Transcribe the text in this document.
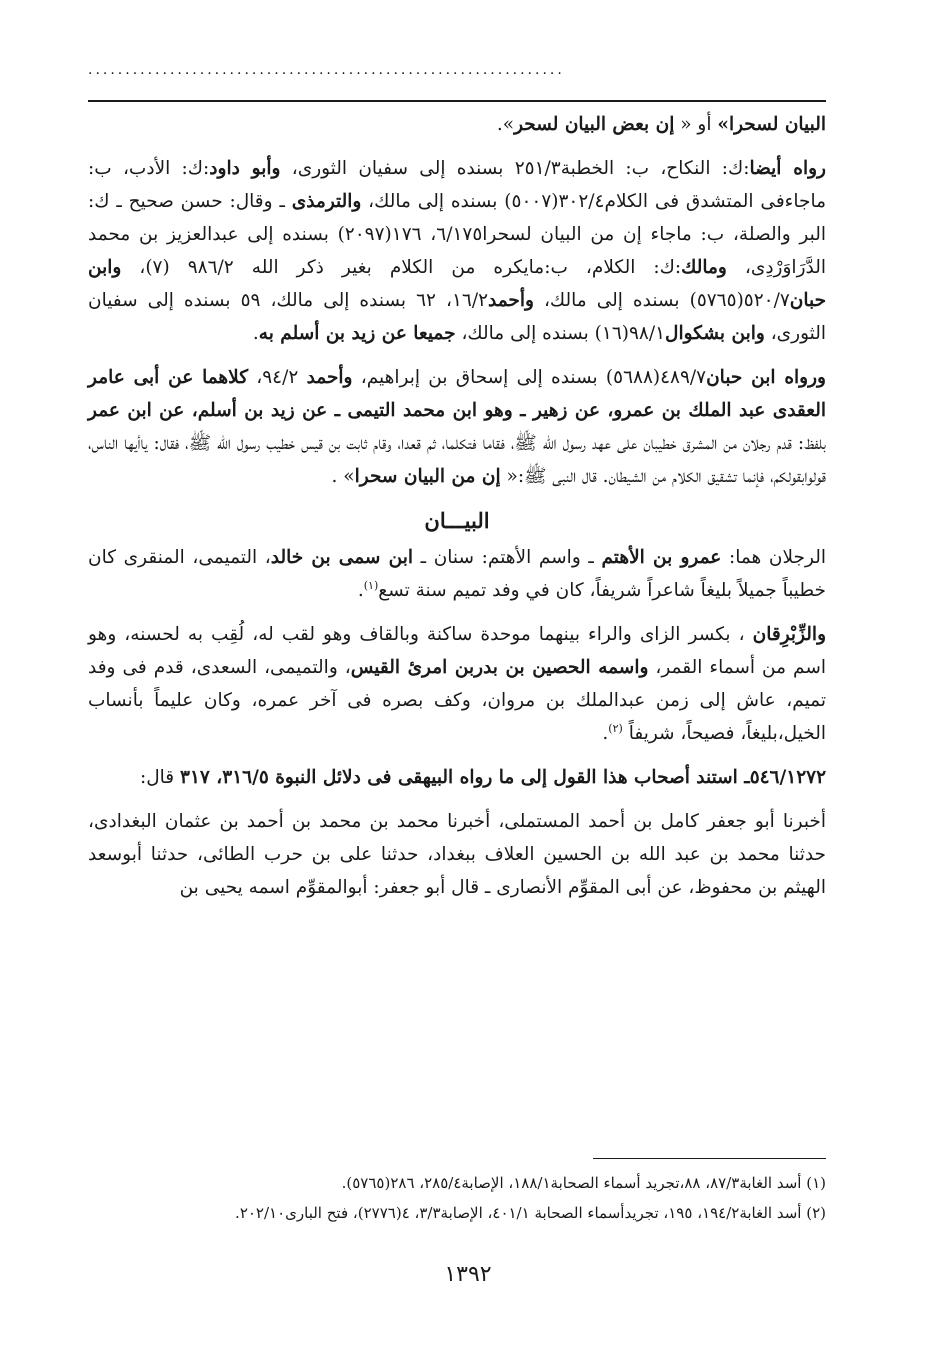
................................................................

البيان لسحرا» أو « إن بعض البيان لسحر».

رواه أيضا:ك: النكاح، ب: الخطبة٢٥١/٣ بسنده إلى سفيان الثورى، وأبو داود:ك: الأدب، ب: ماجاءفى المتشدق فى الكلام٣٠٢/٤(٥٠٠٧) بسنده إلى مالك، والترمذى ـ وقال: حسن صحيح ـ ك: البر والصلة، ب: ماجاء إن من البيان لسحرا٦/١٧٥، ١٧٦(٢٠٩٧) بسنده إلى عبدالعزيز بن محمد الدَّرَاوَرْدِى، ومالك:ك: الكلام، ب:مايكره من الكلام بغير ذكر الله ٩٨٦/٢ (٧)، وابن حبان٥٢٠/٧(٥٧٦٥) بسنده إلى مالك، وأحمد١٦/٢، ٦٢ بسنده إلى مالك، ٥٩ بسنده إلى سفيان الثورى، وابن بشكوال٩٨/١(١٦) بسنده إلى مالك، جميعا عن زيد بن أسلم به.

ورواه ابن حبان٤٨٩/٧(٥٦٨٨) بسنده إلى إسحاق بن إبراهيم، وأحمد ٩٤/٢، كلاهما عن أبى عامر العقدى عبد الملك بن عمرو، عن زهير ـ وهو ابن محمد التيمى ـ عن زيد بن أسلم، عن ابن عمر بلفظ: قدم رجلان من المشرق خطيبان على عهد رسول الله ﷺ، فقاما فتكلما، ثم قعدا، وقام ثابت بن قيس خطيب رسول الله ﷺ، فقال: ياأيها الناس، قولوابقولكم، فإنما تشقيق الكلام من الشيطان. قال النبى ﷺ:« إن من البيان سحرا» .

البيـــان

الرجلان هما: عمرو بن الأهتم ـ واسم الأهتم: سنان ـ ابن سمى بن خالد، التميمى، المنقرى كان خطيباً جميلاً بليغاً شاعراً شريفاً، كان في وفد تميم سنة تسع$^{(١)}$.

والزِّبْرِقان ، بكسر الزاى والراء بينهما موحدة ساكنة وبالقاف وهو لقب له، لُقِب به لحسنه، وهو اسم من أسماء القمر، واسمه الحصين بن بدربن امرئ القيس، والتميمى، السعدى، قدم فى وفد تميم، عاش إلى زمن عبدالملك بن مروان، وكف بصره فى آخر عمره، وكان عليماً بأنساب الخيل،بليغاً، فصيحاً، شريفاً $^{(٢)}$.

٥٤٦/١٢٧٢ـ استند أصحاب هذا القول إلى ما رواه البيهقى فى دلائل النبوة ٣١٦/٥، ٣١٧ قال:

أخبرنا أبو جعفر كامل بن أحمد المستملى، أخبرنا محمد بن محمد بن أحمد بن عثمان البغدادى، حدثنا محمد بن عبد الله بن الحسين العلاف ببغداد، حدثنا على بن حرب الطائى، حدثنا أبوسعد الهيثم بن محفوظ، عن أبى المقوِّم الأنصارى ـ قال أبو جعفر: أبوالمقوِّم اسمه يحيى بن

(١) أسد الغابة٨٧/٣، ٨٨،تجريد أسماء الصحابة١٨٨/١، الإصابة٢٨٥/٤، ٢٨٦(٥٧٦٥).

(٢) أسد الغابة١٩٤/٢، ١٩٥، تجريدأسماء الصحابة ٤٠١/١، الإصابة٣/٣، ٤(٢٧٧٦)، فتح البارى٢٠٢/١٠.

١٣٩٢
